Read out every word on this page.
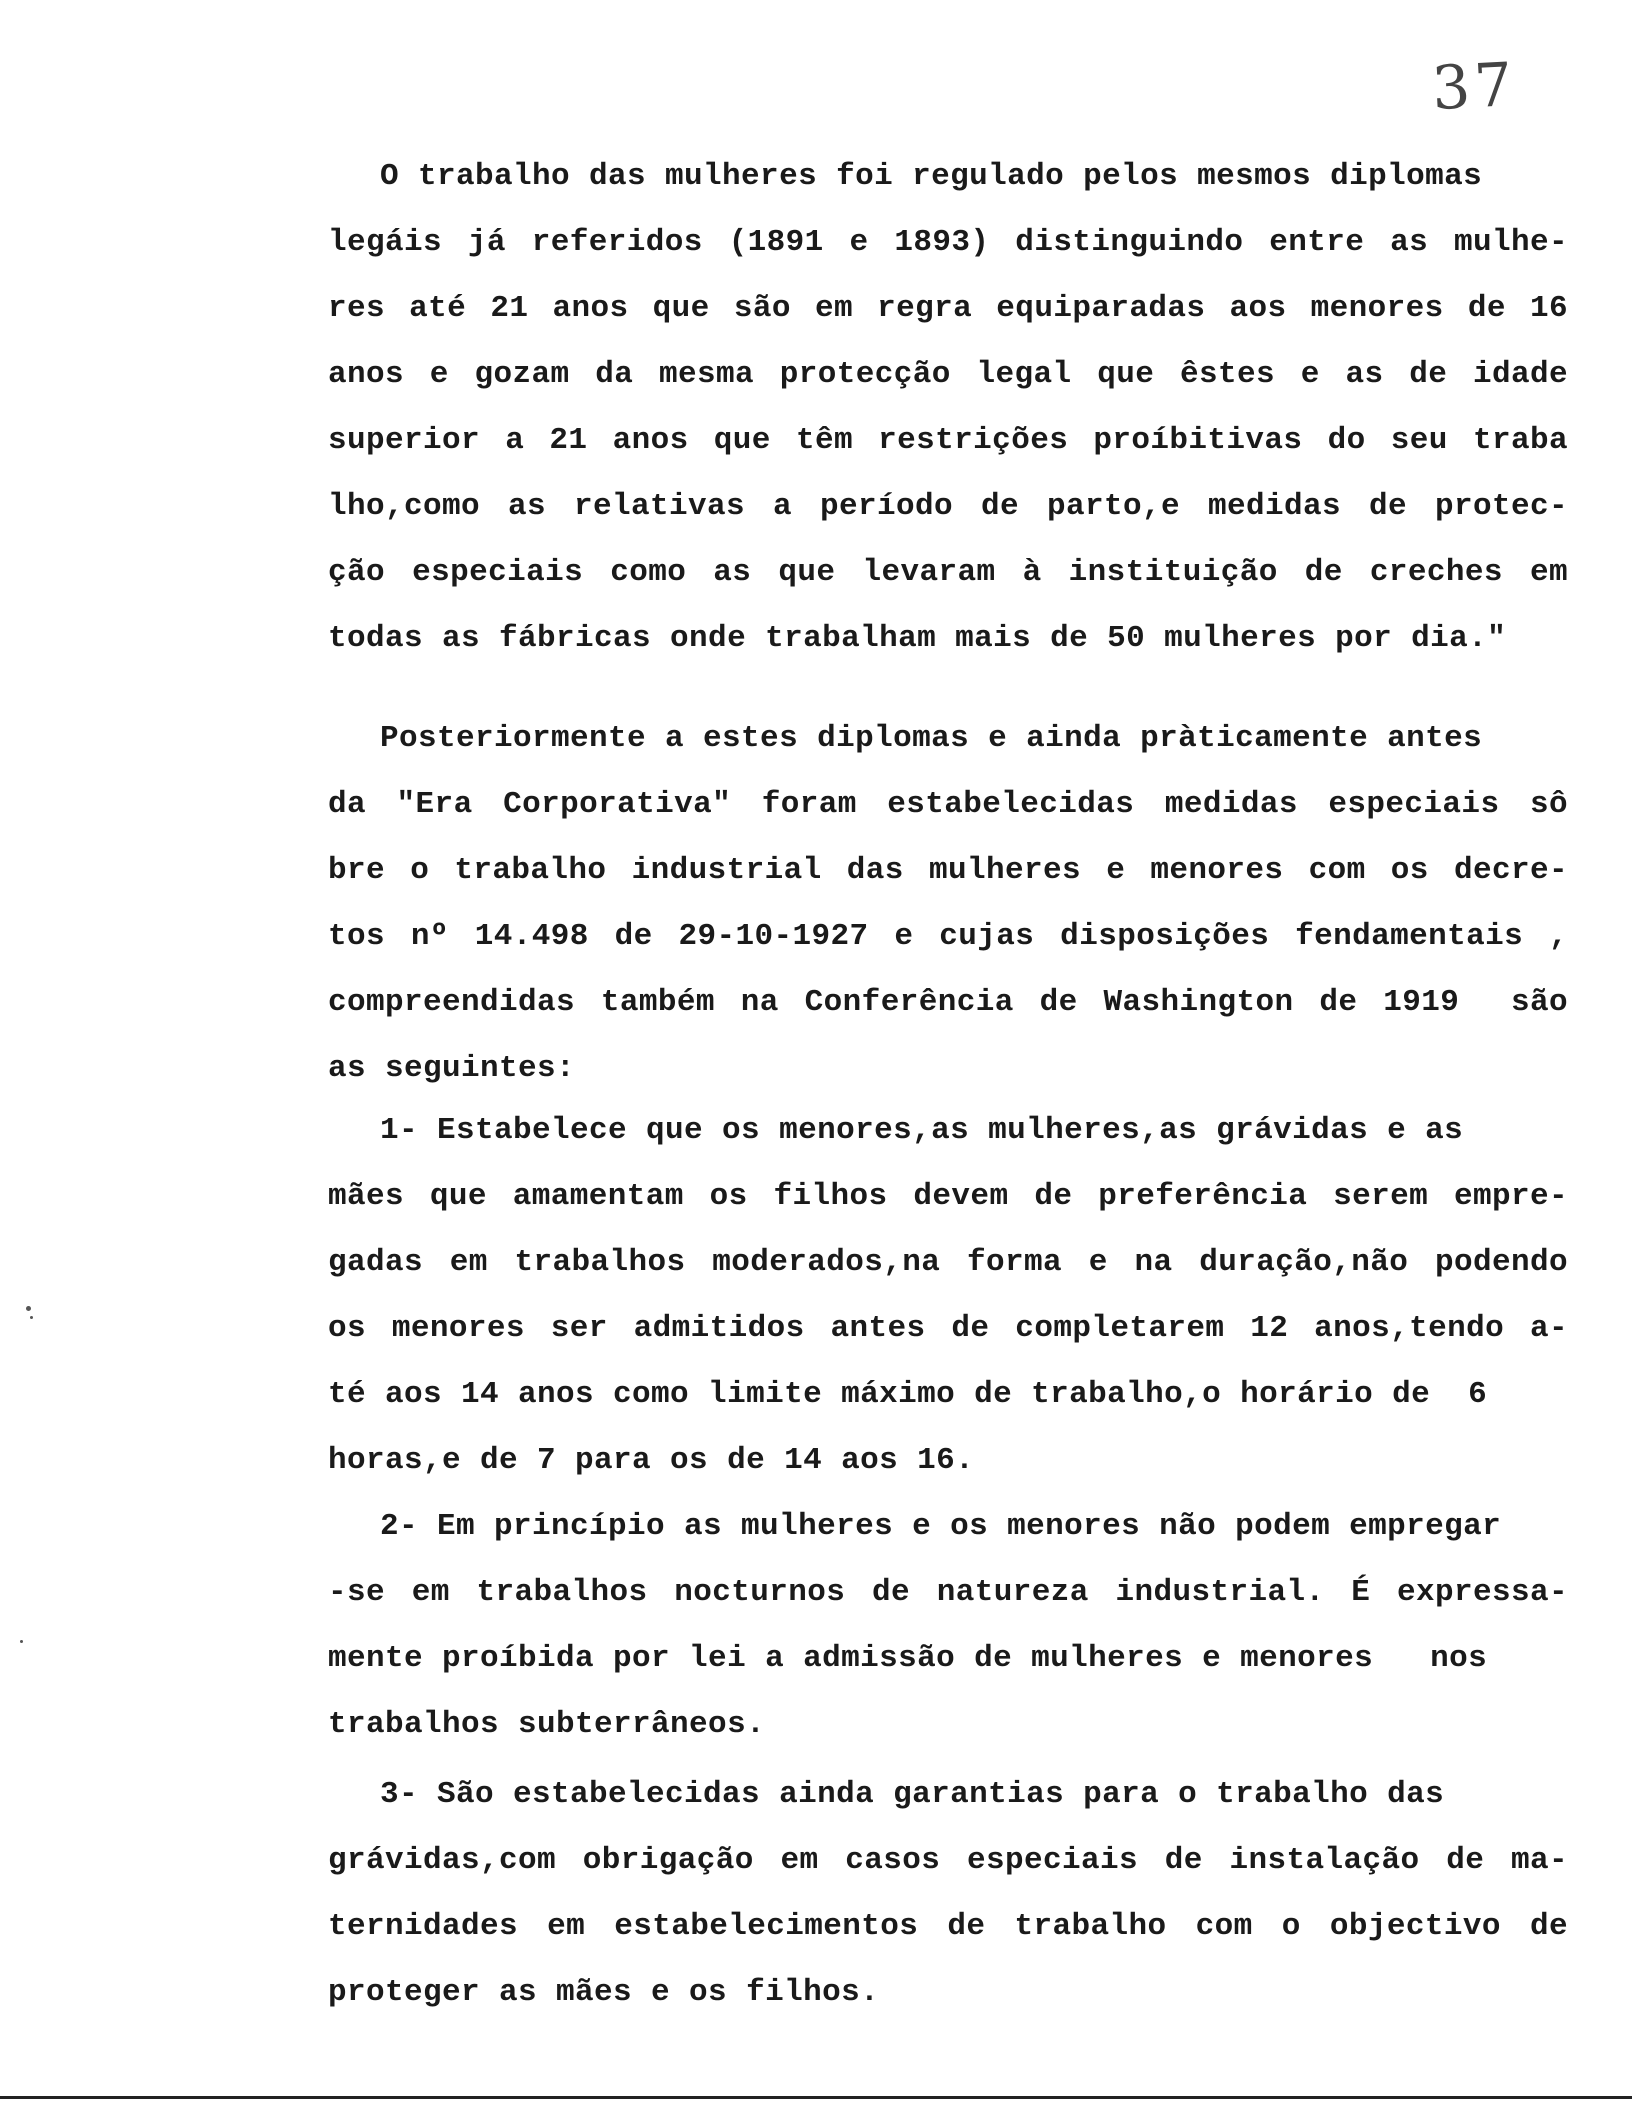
37
O trabalho das mulheres foi regulado pelos mesmos diplomas
legáis já referidos (1891 e 1893) distinguindo entre as mulhe-
res até 21 anos que são em regra equiparadas aos menores de 16
anos e gozam da mesma protecção legal que êstes e as de idade
superior a 21 anos que têm restrições proíbitivas do seu traba
lho,como as relativas a período de parto,e medidas de protec-
ção especiais como as que levaram à instituição de creches em
todas as fábricas onde trabalham mais de 50 mulheres por dia."
Posteriormente a estes diplomas e ainda pràticamente antes
da "Era Corporativa" foram estabelecidas medidas especiais sô
bre o trabalho industrial das mulheres e menores com os decre-
tos nº 14.498 de 29-10-1927 e cujas disposições fendamentais ,
compreendidas também na Conferência de Washington de 1919  são
as seguintes:
1- Estabelece que os menores,as mulheres,as grávidas e as
mães que amamentam os filhos devem de preferência serem empre-
gadas em trabalhos moderados,na forma e na duração,não podendo
os menores ser admitidos antes de completarem 12 anos,tendo a-
té aos 14 anos como limite máximo de trabalho,o horário de  6
horas,e de 7 para os de 14 aos 16.
2- Em princípio as mulheres e os menores não podem empregar
-se em trabalhos nocturnos de natureza industrial. É expressa-
mente proíbida por lei a admissão de mulheres e menores   nos
trabalhos subterrâneos.
3- São estabelecidas ainda garantias para o trabalho das
grávidas,com obrigação em casos especiais de instalação de ma-
ternidades em estabelecimentos de trabalho com o objectivo de
proteger as mães e os filhos.
